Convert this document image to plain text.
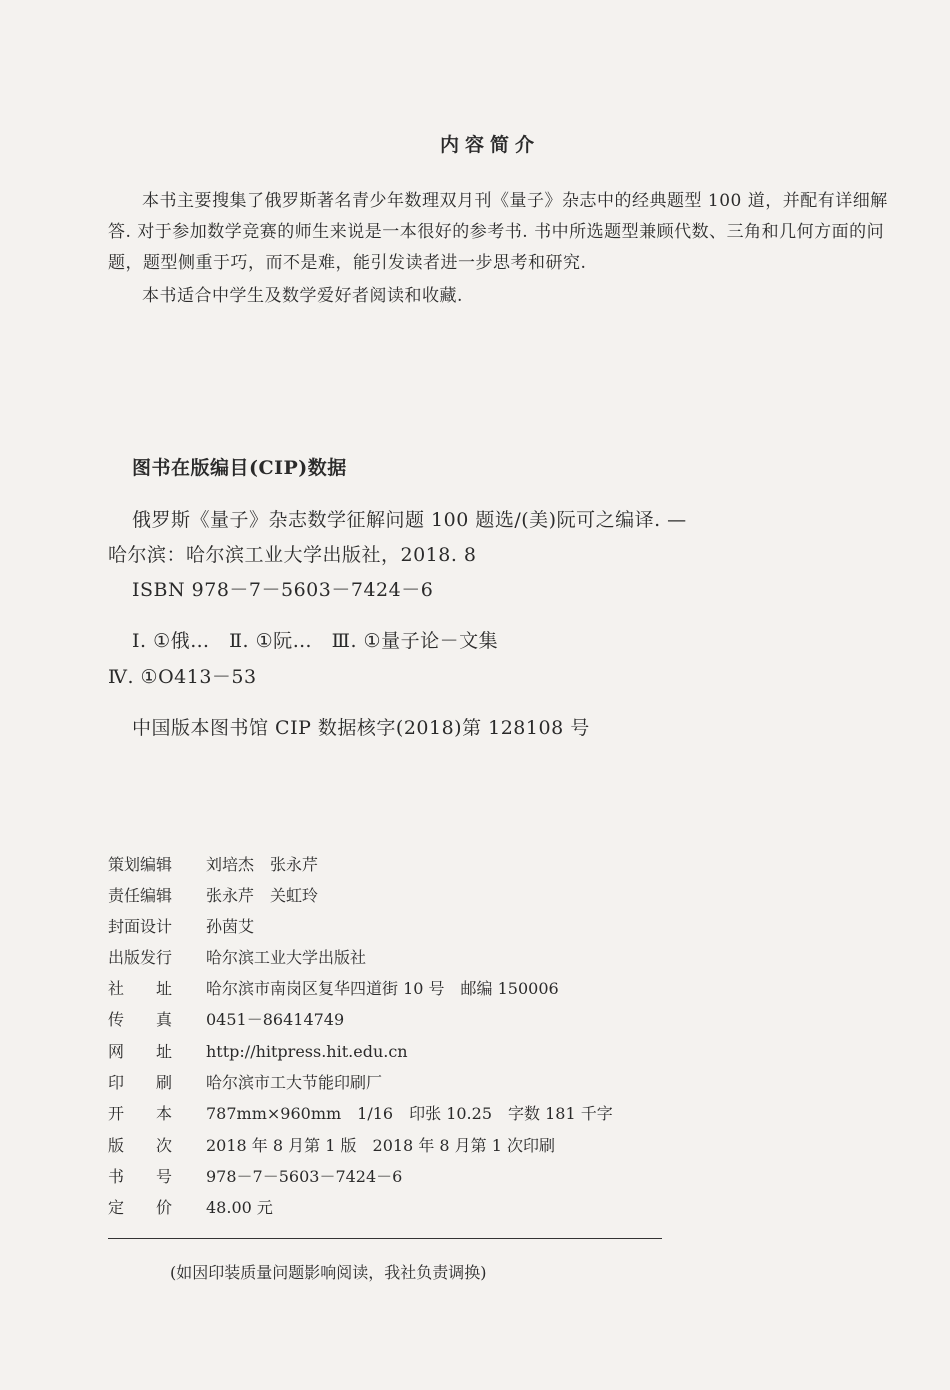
内容简介
本书主要搜集了俄罗斯著名青少年数理双月刊《量子》杂志中的经典题型 100 道，并配有详细解答. 对于参加数学竞赛的师生来说是一本很好的参考书. 书中所选题型兼顾代数、三角和几何方面的问题，题型侧重于巧，而不是难，能引发读者进一步思考和研究.
本书适合中学生及数学爱好者阅读和收藏.
图书在版编目(CIP)数据
俄罗斯《量子》杂志数学征解问题 100 题选/(美)阮可之编译. —
哈尔滨：哈尔滨工业大学出版社，2018. 8
ISBN 978－7－5603－7424－6
Ⅰ. ①俄…　Ⅱ. ①阮…　Ⅲ. ①量子论－文集
Ⅳ. ①O413－53
中国版本图书馆 CIP 数据核字(2018)第 128108 号
策划编辑 刘培杰　张永芹
责任编辑 张永芹　关虹玲
封面设计 孙茵艾
出版发行 哈尔滨工业大学出版社
社　　址 哈尔滨市南岗区复华四道街 10 号　邮编 150006
传　　真 0451－86414749
网　　址 http://hitpress.hit.edu.cn
印　　刷 哈尔滨市工大节能印刷厂
开　　本 787mm×960mm　1/16　印张 10.25　字数 181 千字
版　　次 2018 年 8 月第 1 版　2018 年 8 月第 1 次印刷
书　　号 978－7－5603－7424－6
定　　价 48.00 元
(如因印装质量问题影响阅读，我社负责调换)
